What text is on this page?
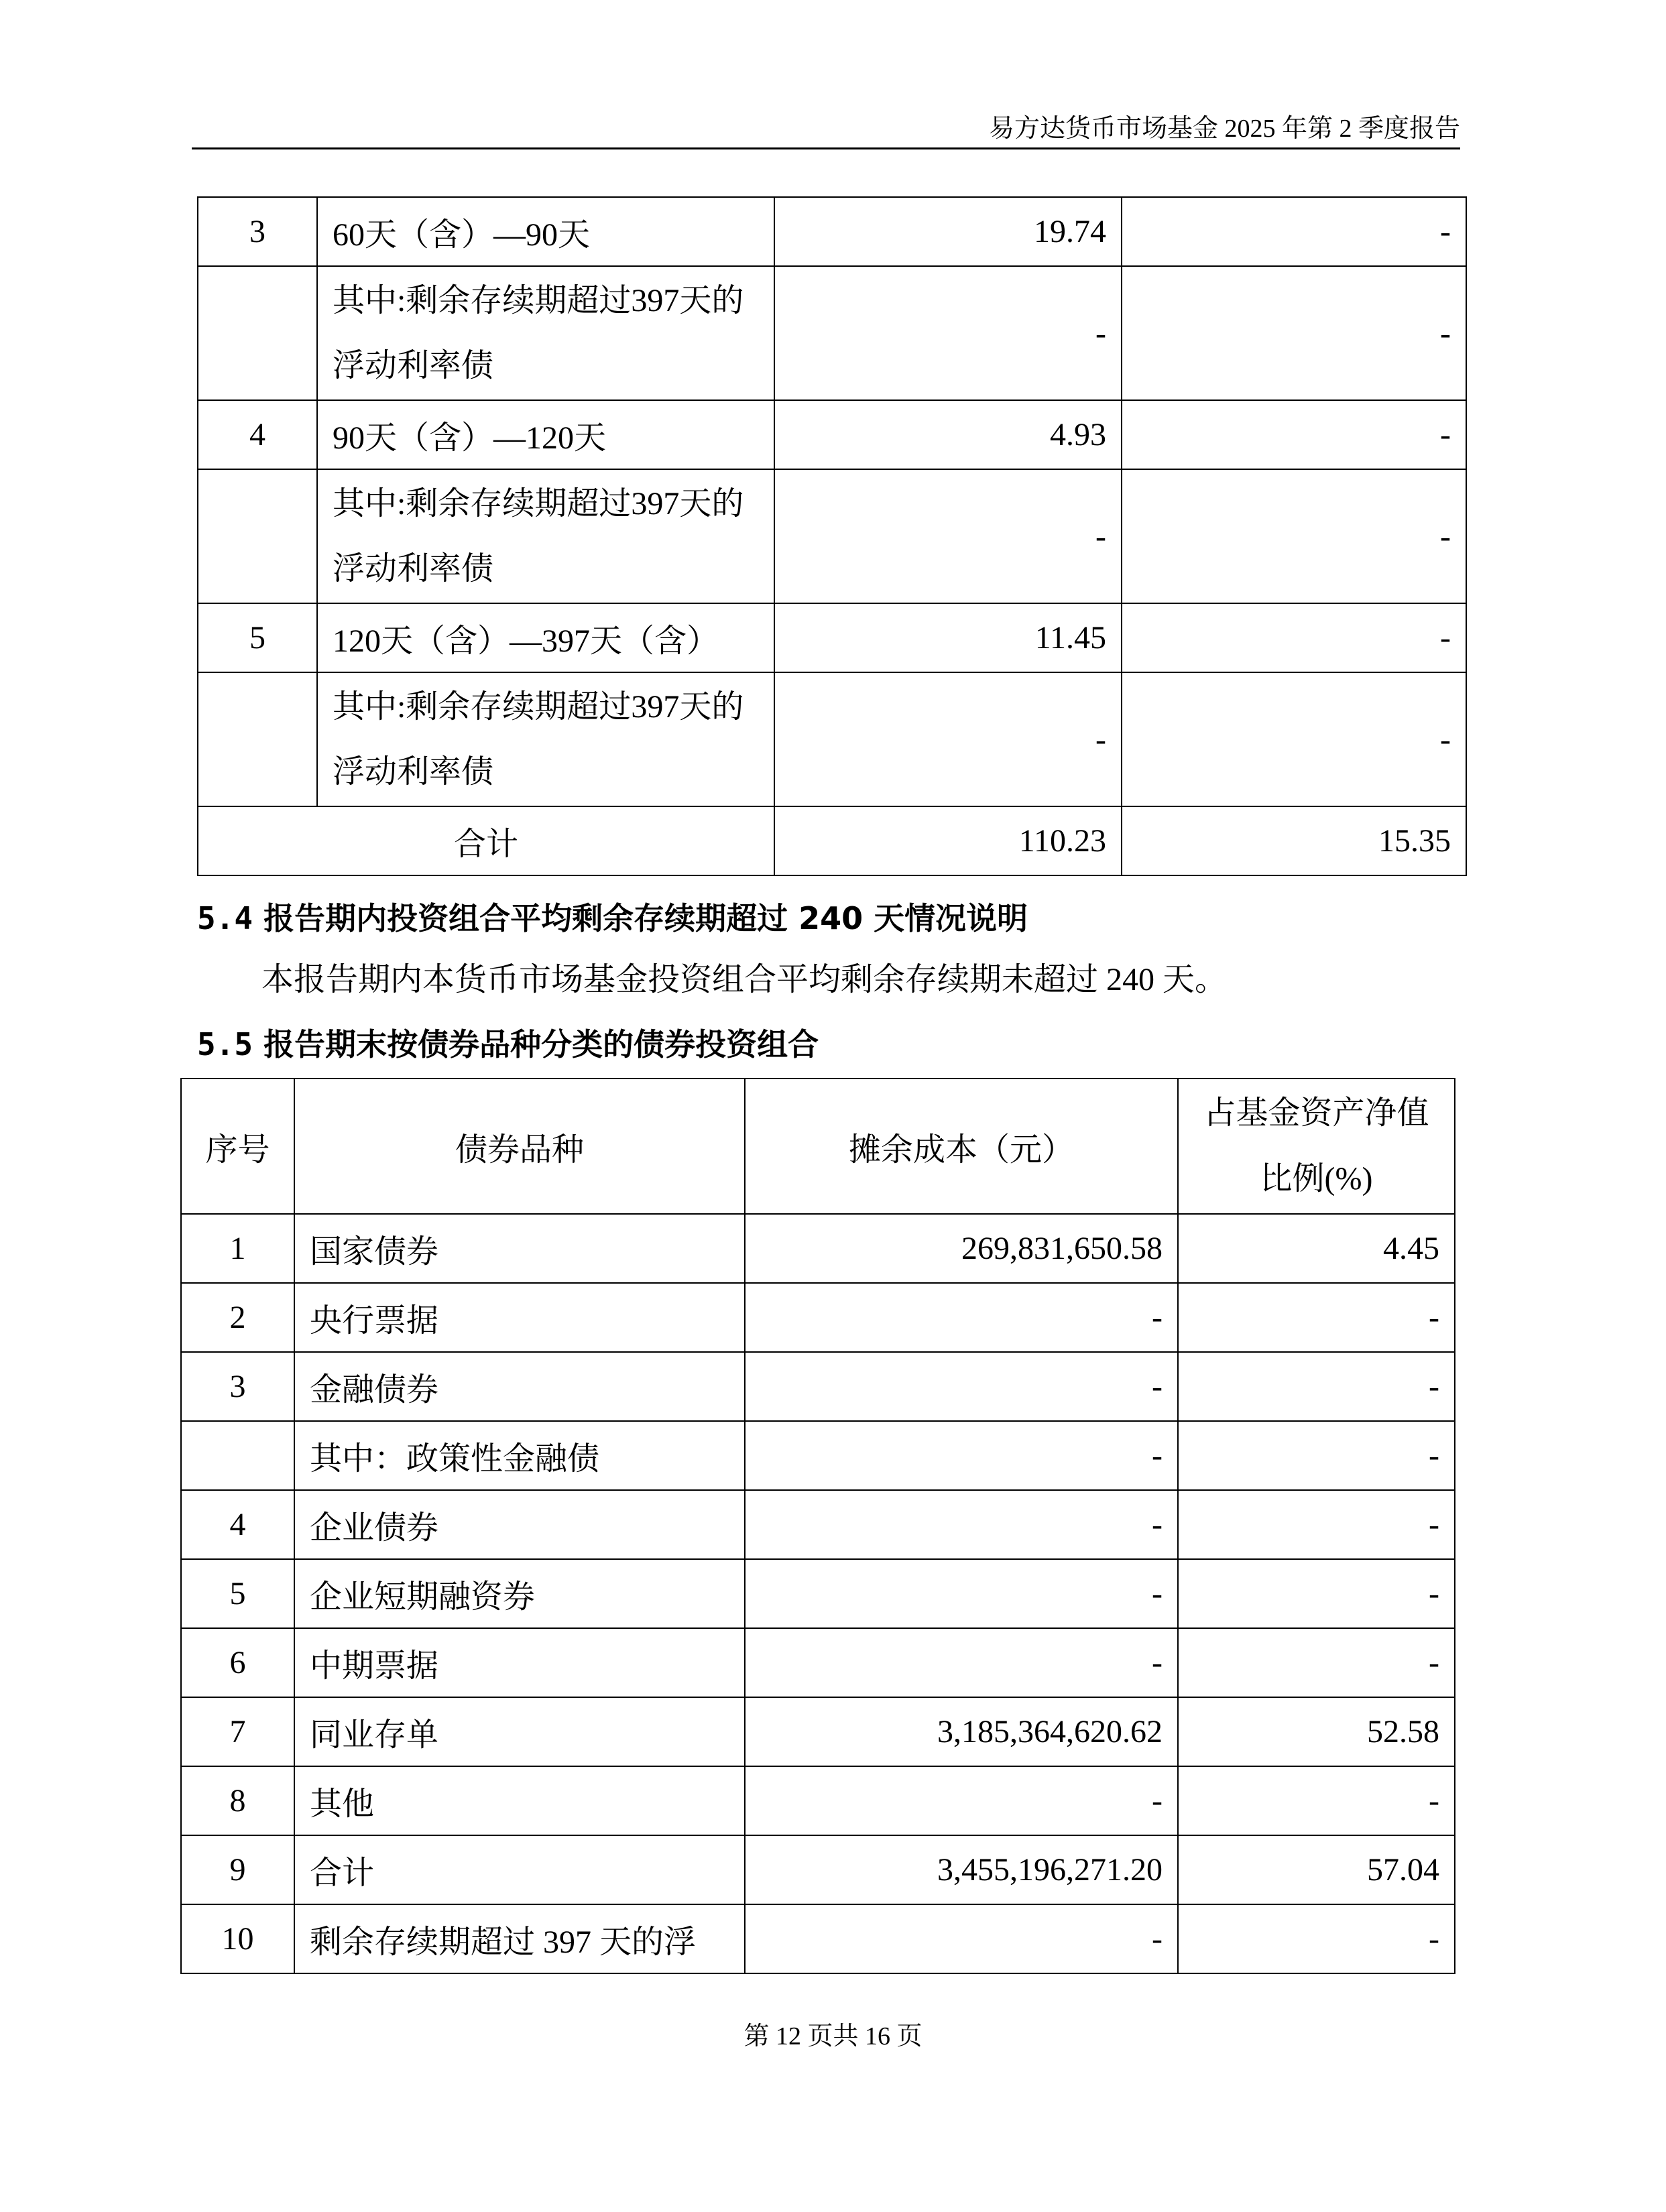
易方达货币市场基金 2025 年第 2 季度报告
3	60天（含）—90天	19.74	-
	其中:剩余存续期超过397天的
浮动利率债	-	-
4	90天（含）—120天	4.93	-
	其中:剩余存续期超过397天的
浮动利率债	-	-
5	120天（含）—397天（含）	11.45	-
	其中:剩余存续期超过397天的
浮动利率债	-	-
合计		110.23	15.35
5.4 报告期内投资组合平均剩余存续期超过 240 天情况说明
本报告期内本货币市场基金投资组合平均剩余存续期未超过 240 天。
5.5 报告期末按债券品种分类的债券投资组合
序号	债券品种	摊余成本（元）	占基金资产净值
比例(%)
1	国家债券	269,831,650.58	4.45
2	央行票据	-	-
3	金融债券	-	-
	其中：政策性金融债	-	-
4	企业债券	-	-
5	企业短期融资券	-	-
6	中期票据	-	-
7	同业存单	3,185,364,620.62	52.58
8	其他	-	-
9	合计	3,455,196,271.20	57.04
10	剩余存续期超过 397 天的浮	-	-
第 12 页共 16 页
